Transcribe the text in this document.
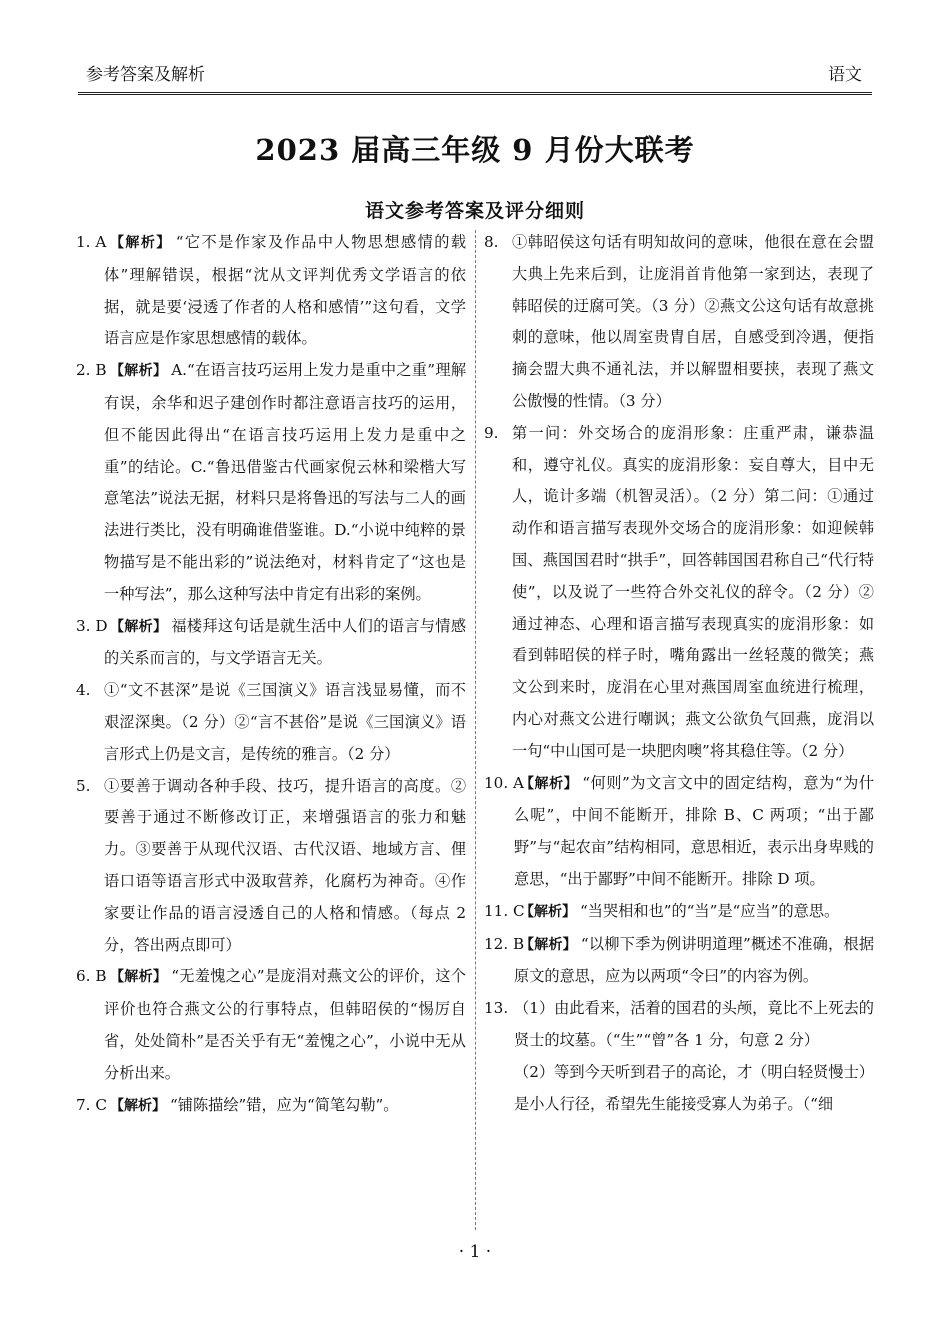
参考答案及解析	语文
2023 届高三年级 9 月份大联考
语文参考答案及评分细则
1. A 【解析】 “它不是作家及作品中人物思想感情的载体”理解错误，根据“沈从文评判优秀文学语言的依据，就是要‘浸透了作者的人格和感情’”这句看，文学语言应是作家思想感情的载体。
2. B 【解析】 A.“在语言技巧运用上发力是重中之重”理解有误，余华和迟子建创作时都注意语言技巧的运用，但不能因此得出“在语言技巧运用上发力是重中之重”的结论。C.“鲁迅借鉴古代画家倪云林和梁楷大写意笔法”说法无据，材料只是将鲁迅的写法与二人的画法进行类比，没有明确谁借鉴谁。D.“小说中纯粹的景物描写是不能出彩的”说法绝对，材料肯定了“这也是一种写法”，那么这种写法中肯定有出彩的案例。
3. D 【解析】 福楼拜这句话是就生活中人们的语言与情感的关系而言的，与文学语言无关。
4. ①“文不甚深”是说《三国演义》语言浅显易懂，而不艰涩深奥。（2 分）②“言不甚俗”是说《三国演义》语言形式上仍是文言，是传统的雅言。（2 分）
5. ①要善于调动各种手段、技巧，提升语言的高度。②要善于通过不断修改订正，来增强语言的张力和魅力。③要善于从现代汉语、古代汉语、地域方言、俚语口语等语言形式中汲取营养，化腐朽为神奇。④作家要让作品的语言浸透自己的人格和情感。（每点 2 分，答出两点即可）
6. B 【解析】 “无羞愧之心”是庞涓对燕文公的评价，这个评价也符合燕文公的行事特点，但韩昭侯的“惕厉自省，处处简朴”是否关乎有无“羞愧之心”，小说中无从分析出来。
7. C 【解析】 “铺陈描绘”错，应为“简笔勾勒”。
8. ①韩昭侯这句话有明知故问的意味，他很在意在会盟大典上先来后到，让庞涓首肯他第一家到达，表现了韩昭侯的迂腐可笑。（3 分）②燕文公这句话有故意挑刺的意味，他以周室贵胄自居，自感受到冷遇，便指摘会盟大典不通礼法，并以解盟相要挟，表现了燕文公傲慢的性情。（3 分）
9. 第一问：外交场合的庞涓形象：庄重严肃，谦恭温和，遵守礼仪。真实的庞涓形象：妄自尊大，目中无人，诡计多端（机智灵活）。（2 分）第二问：①通过动作和语言描写表现外交场合的庞涓形象：如迎候韩国、燕国国君时“拱手”，回答韩国国君称自己“代行特使”，以及说了一些符合外交礼仪的辞令。（2 分）②通过神态、心理和语言描写表现真实的庞涓形象：如看到韩昭侯的样子时，嘴角露出一丝轻蔑的微笑；燕文公到来时，庞涓在心里对燕国周室血统进行梳理，内心对燕文公进行嘲讽；燕文公欲负气回燕，庞涓以一句“中山国可是一块肥肉噢”将其稳住等。（2 分）
10. A
【解析】 “何则”为文言文中的固定结构，意为“为什么呢”，中间不能断开，排除 B、C 两项；“出于鄙野”与“起农亩”结构相同，意思相近，表示出身卑贱的意思，“出于鄙野”中间不能断开。排除 D 项。
11. C
【解析】 “当哭相和也”的“当”是“应当”的意思。
12. B
【解析】 “以柳下季为例讲明道理”概述不准确，根据原文的意思，应为以两项“令曰”的内容为例。
13. （1）由此看来，活着的国君的头颅，竟比不上死去的贤士的坟墓。（“生”“曾”各 1 分，句意 2 分）
（2）等到今天听到君子的高论，才（明白轻贤慢士）是小人行径，希望先生能接受寡人为弟子。（“细
· 1 ·
